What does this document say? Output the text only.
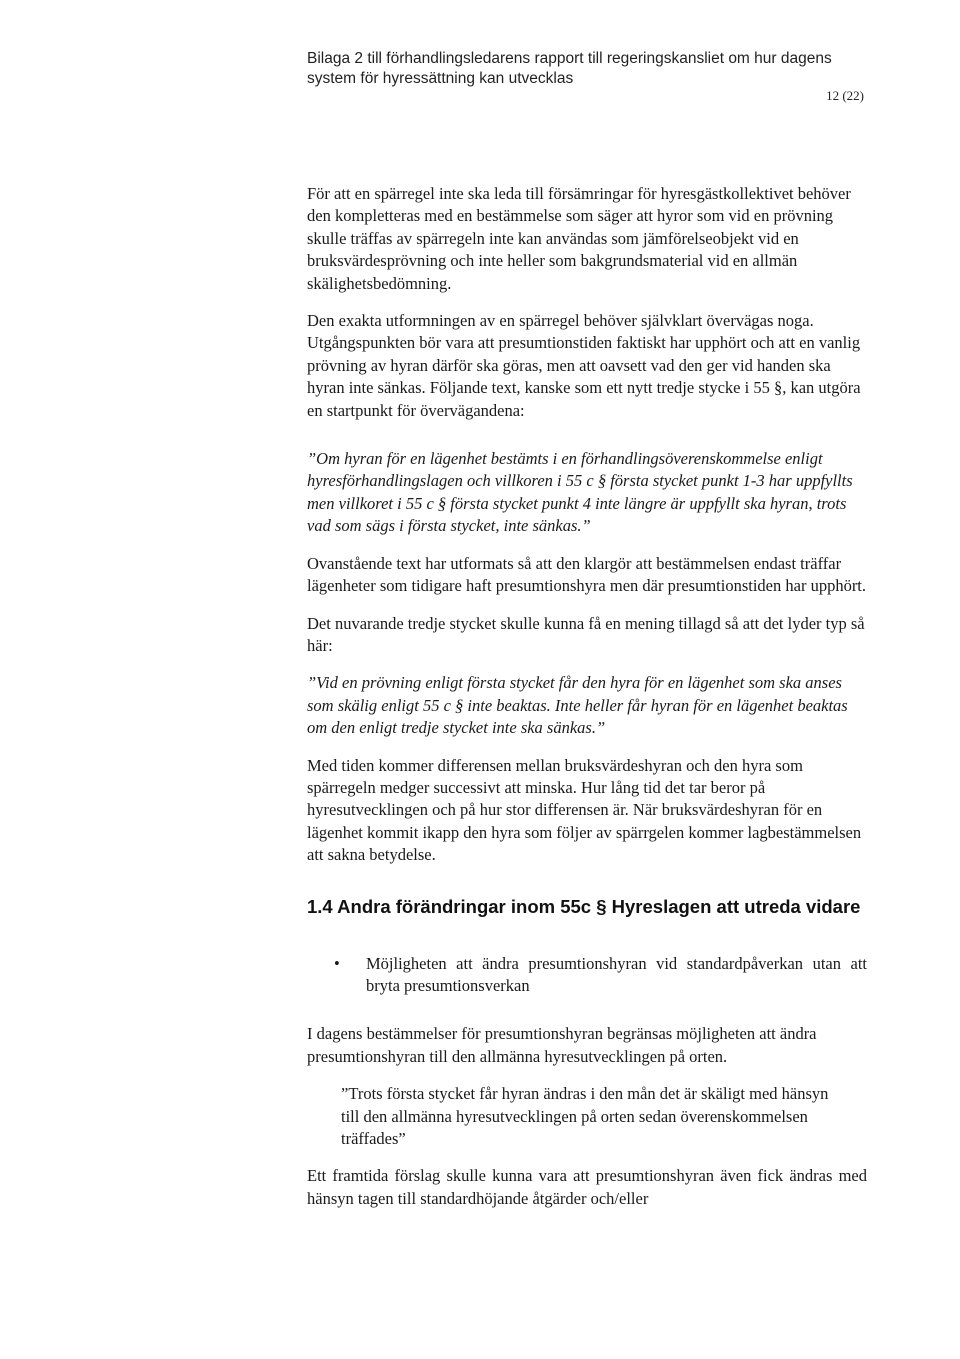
Bilaga 2 till förhandlingsledarens rapport till regeringskansliet om hur dagens system för hyressättning kan utvecklas
12 (22)

För att en spärregel inte ska leda till försämringar för hyresgästkollektivet behöver den kompletteras med en bestämmelse som säger att hyror som vid en prövning skulle träffas av spärregeln inte kan användas som jämförelseobjekt vid en bruksvärdesprövning och inte heller som bakgrundsmaterial vid en allmän skälighetsbedömning.

Den exakta utformningen av en spärregel behöver självklart övervägas noga. Utgångspunkten bör vara att presumtionstiden faktiskt har upphört och att en vanlig prövning av hyran därför ska göras, men att oavsett vad den ger vid handen ska hyran inte sänkas. Följande text, kanske som ett nytt tredje stycke i 55 §, kan utgöra en startpunkt för övervägandena:

”Om hyran för en lägenhet bestämts i en förhandlingsöverenskommelse enligt hyresförhandlingslagen och villkoren i 55 c § första stycket punkt 1-3 har uppfyllts men villkoret i 55 c § första stycket punkt 4 inte längre är uppfyllt ska hyran, trots vad som sägs i första stycket, inte sänkas.”

Ovanstående text har utformats så att den klargör att bestämmelsen endast träffar lägenheter som tidigare haft presumtionshyra men där presumtionstiden har upphört.

Det nuvarande tredje stycket skulle kunna få en mening tillagd så att det lyder typ så här:

”Vid en prövning enligt första stycket får den hyra för en lägenhet som ska anses som skälig enligt 55 c § inte beaktas. Inte heller får hyran för en lägenhet beaktas om den enligt tredje stycket inte ska sänkas.”

Med tiden kommer differensen mellan bruksvärdeshyran och den hyra som spärregeln medger successivt att minska. Hur lång tid det tar beror på hyresutvecklingen och på hur stor differensen är. När bruksvärdeshyran för en lägenhet kommit ikapp den hyra som följer av spärrgelen kommer lagbestämmelsen att sakna betydelse.

1.4 Andra förändringar inom 55c § Hyreslagen att utreda vidare
• Möjligheten att ändra presumtionshyran vid standardpåverkan utan att bryta presumtionsverkan

I dagens bestämmelser för presumtionshyran begränsas möjligheten att ändra presumtionshyran till den allmänna hyresutvecklingen på orten.

”Trots första stycket får hyran ändras i den mån det är skäligt med hänsyn till den allmänna hyresutvecklingen på orten sedan överenskommelsen träffades”

Ett framtida förslag skulle kunna vara att presumtionshyran även fick ändras med hänsyn tagen till standardhöjande åtgärder och/eller
